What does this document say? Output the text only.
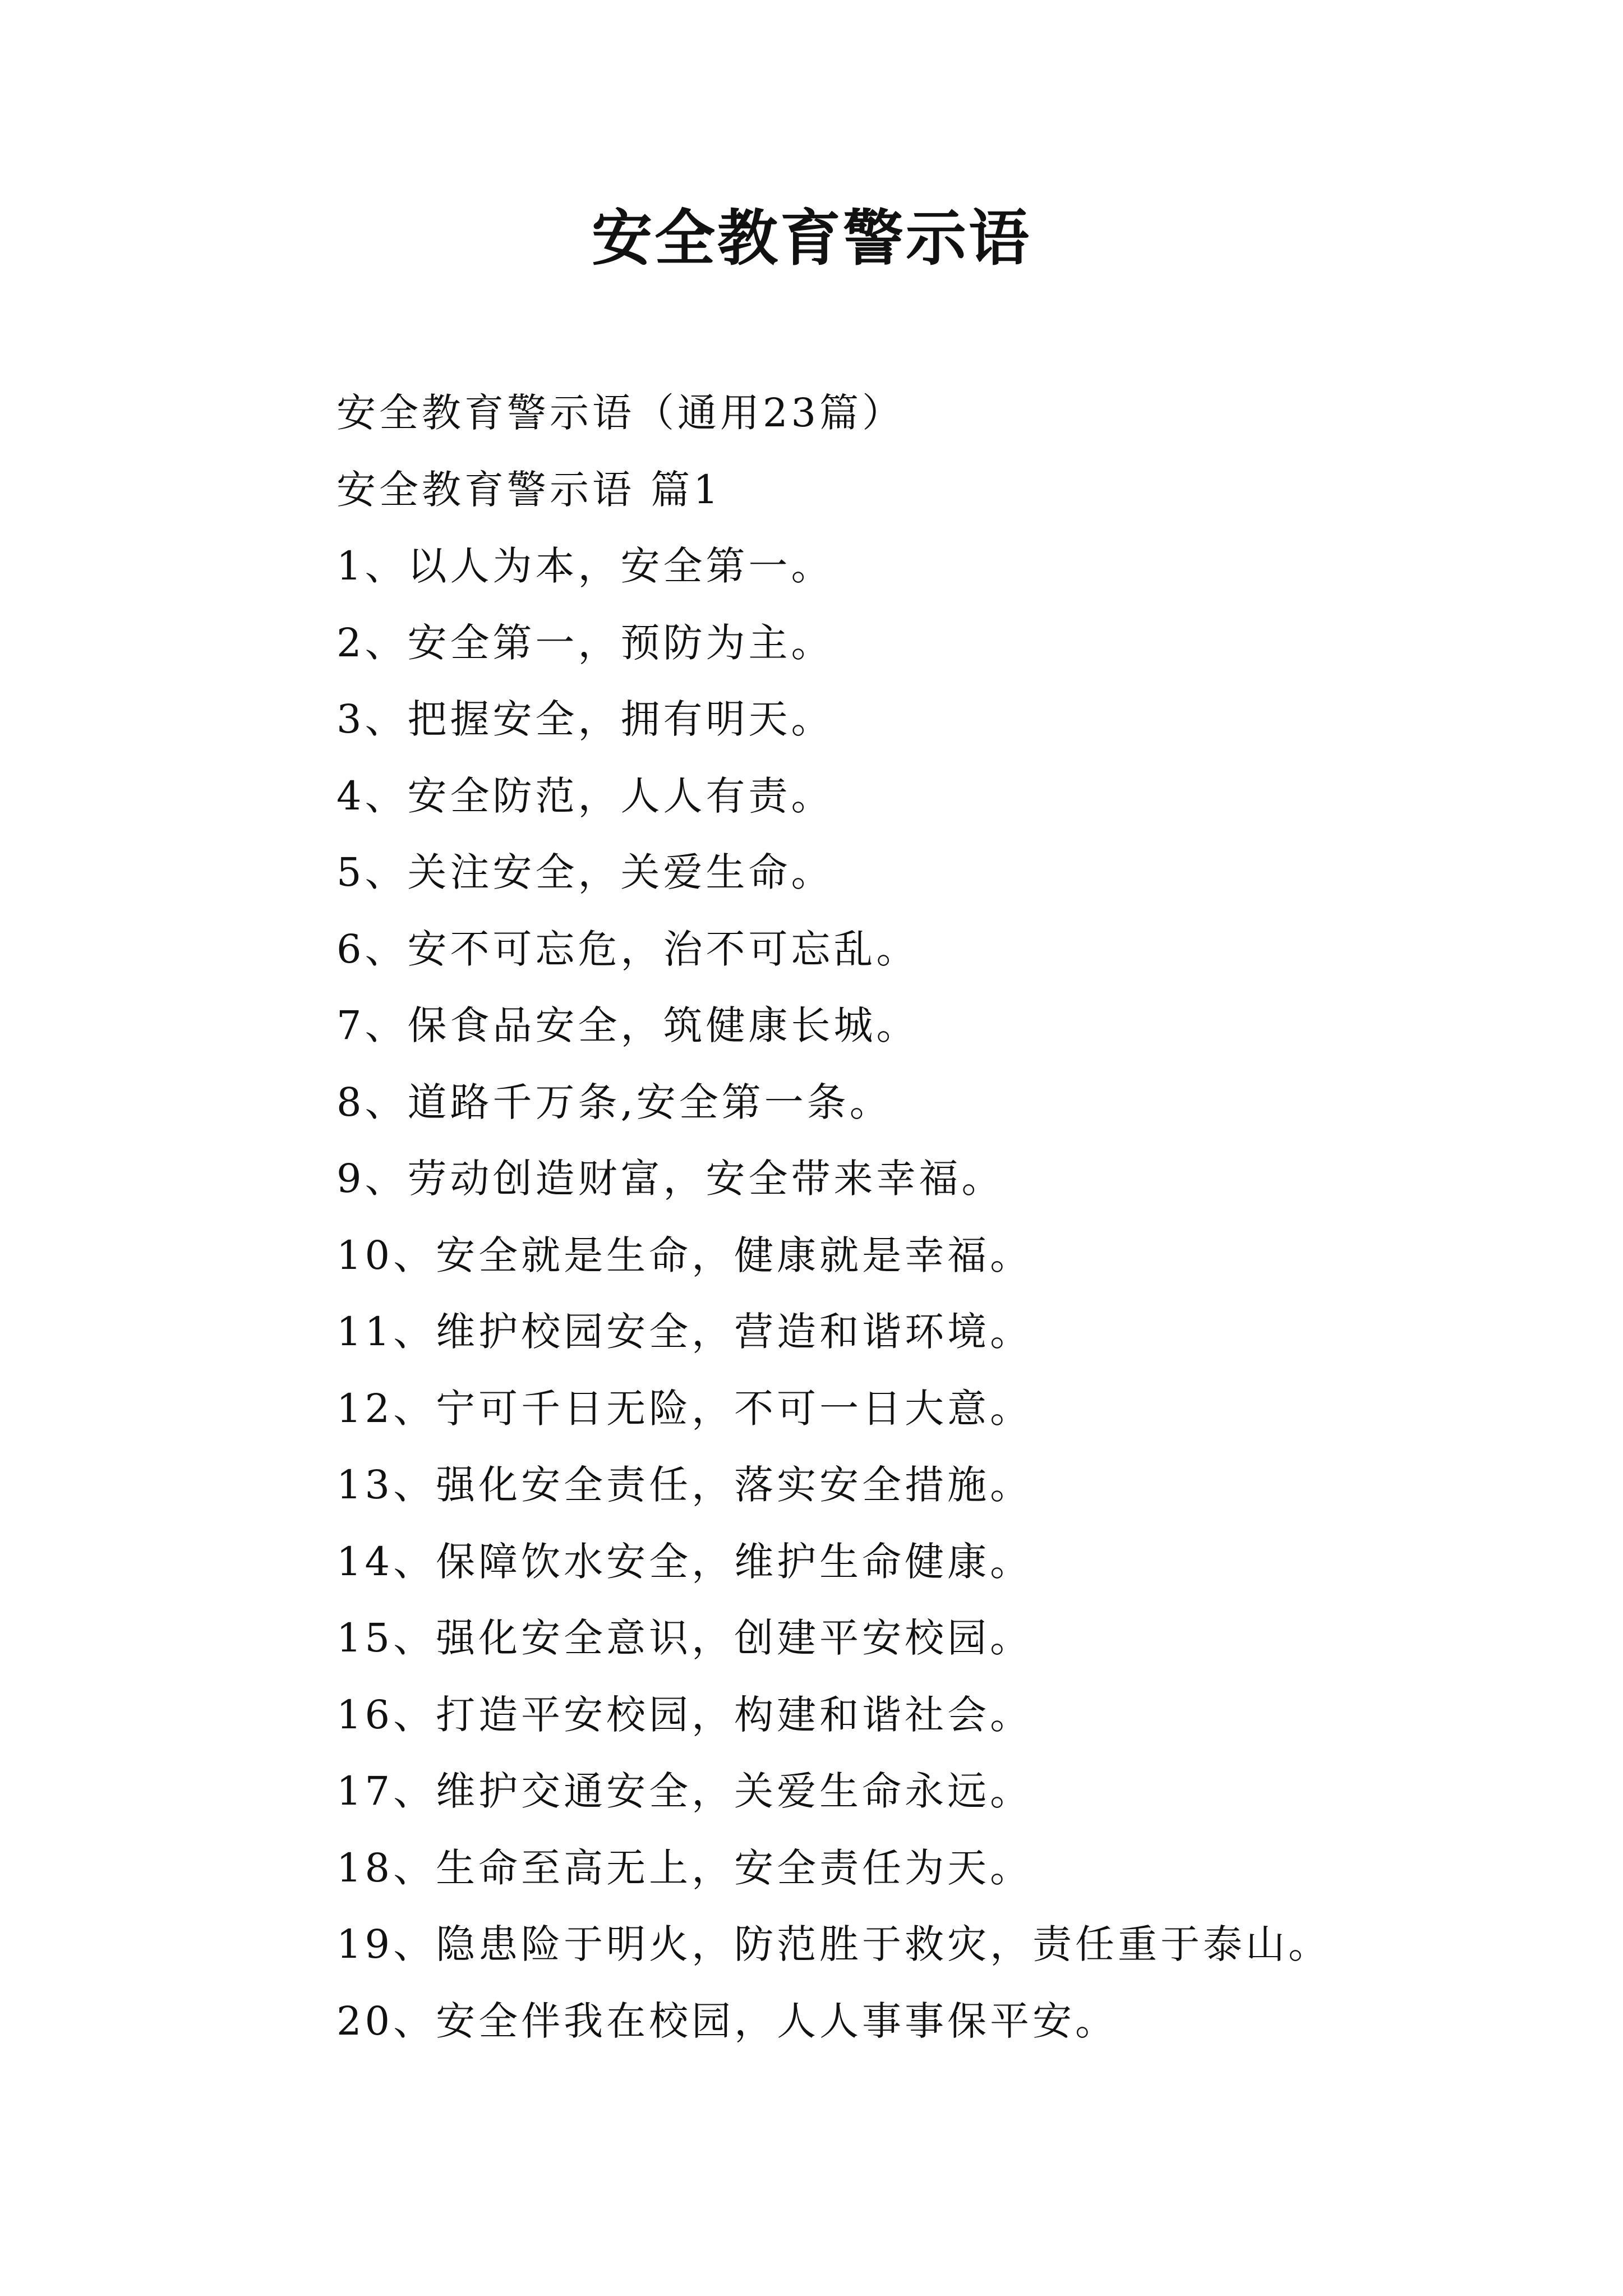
安全教育警示语

安全教育警示语（通用23篇）

安全教育警示语 篇1

1、以人为本，安全第一。

2、安全第一，预防为主。

3、把握安全，拥有明天。

4、安全防范，人人有责。

5、关注安全，关爱生命。

6、安不可忘危，治不可忘乱。

7、保食品安全，筑健康长城。

8、道路千万条,安全第一条。

9、劳动创造财富，安全带来幸福。

10、安全就是生命，健康就是幸福。

11、维护校园安全，营造和谐环境。

12、宁可千日无险，不可一日大意。

13、强化安全责任，落实安全措施。

14、保障饮水安全，维护生命健康。

15、强化安全意识，创建平安校园。

16、打造平安校园，构建和谐社会。

17、维护交通安全，关爱生命永远。

18、生命至高无上，安全责任为天。

19、隐患险于明火，防范胜于救灾，责任重于泰山。

20、安全伴我在校园，人人事事保平安。
